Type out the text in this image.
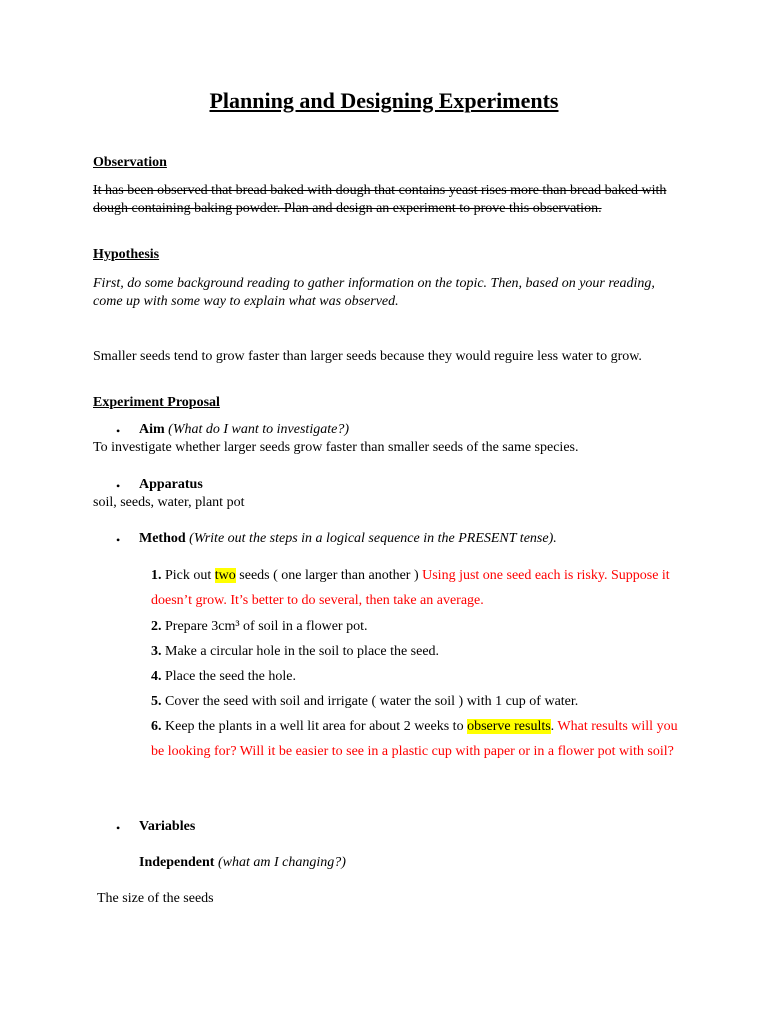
Planning and Designing Experiments
Observation
It has been observed that bread baked with dough that contains yeast rises more than bread baked with dough containing baking powder. Plan and design an experiment to prove this observation.
Hypothesis
First, do some background reading to gather information on the topic. Then, based on your reading, come up with some way to explain what was observed.
Smaller seeds tend to grow faster than larger seeds because they would reguire less water to grow.
Experiment Proposal
• Aim (What do I want to investigate?)
To investigate whether larger seeds grow faster than smaller seeds of the same species.
• Apparatus
soil, seeds, water, plant pot
• Method (Write out the steps in a logical sequence in the PRESENT tense).
1. Pick out two seeds ( one larger than another ) Using just one seed each is risky. Suppose it doesn’t grow. It’s better to do several, then take an average.
2. Prepare 3cm³ of soil in a flower pot.
3. Make a circular hole in the soil to place the seed.
4. Place the seed the hole.
5. Cover the seed with soil and irrigate ( water the soil ) with 1 cup of water.
6. Keep the plants in a well lit area for about 2 weeks to observe results. What results will you be looking for? Will it be easier to see in a plastic cup with paper or in a flower pot with soil?
• Variables
Independent (what am I changing?)
The size of the seeds
